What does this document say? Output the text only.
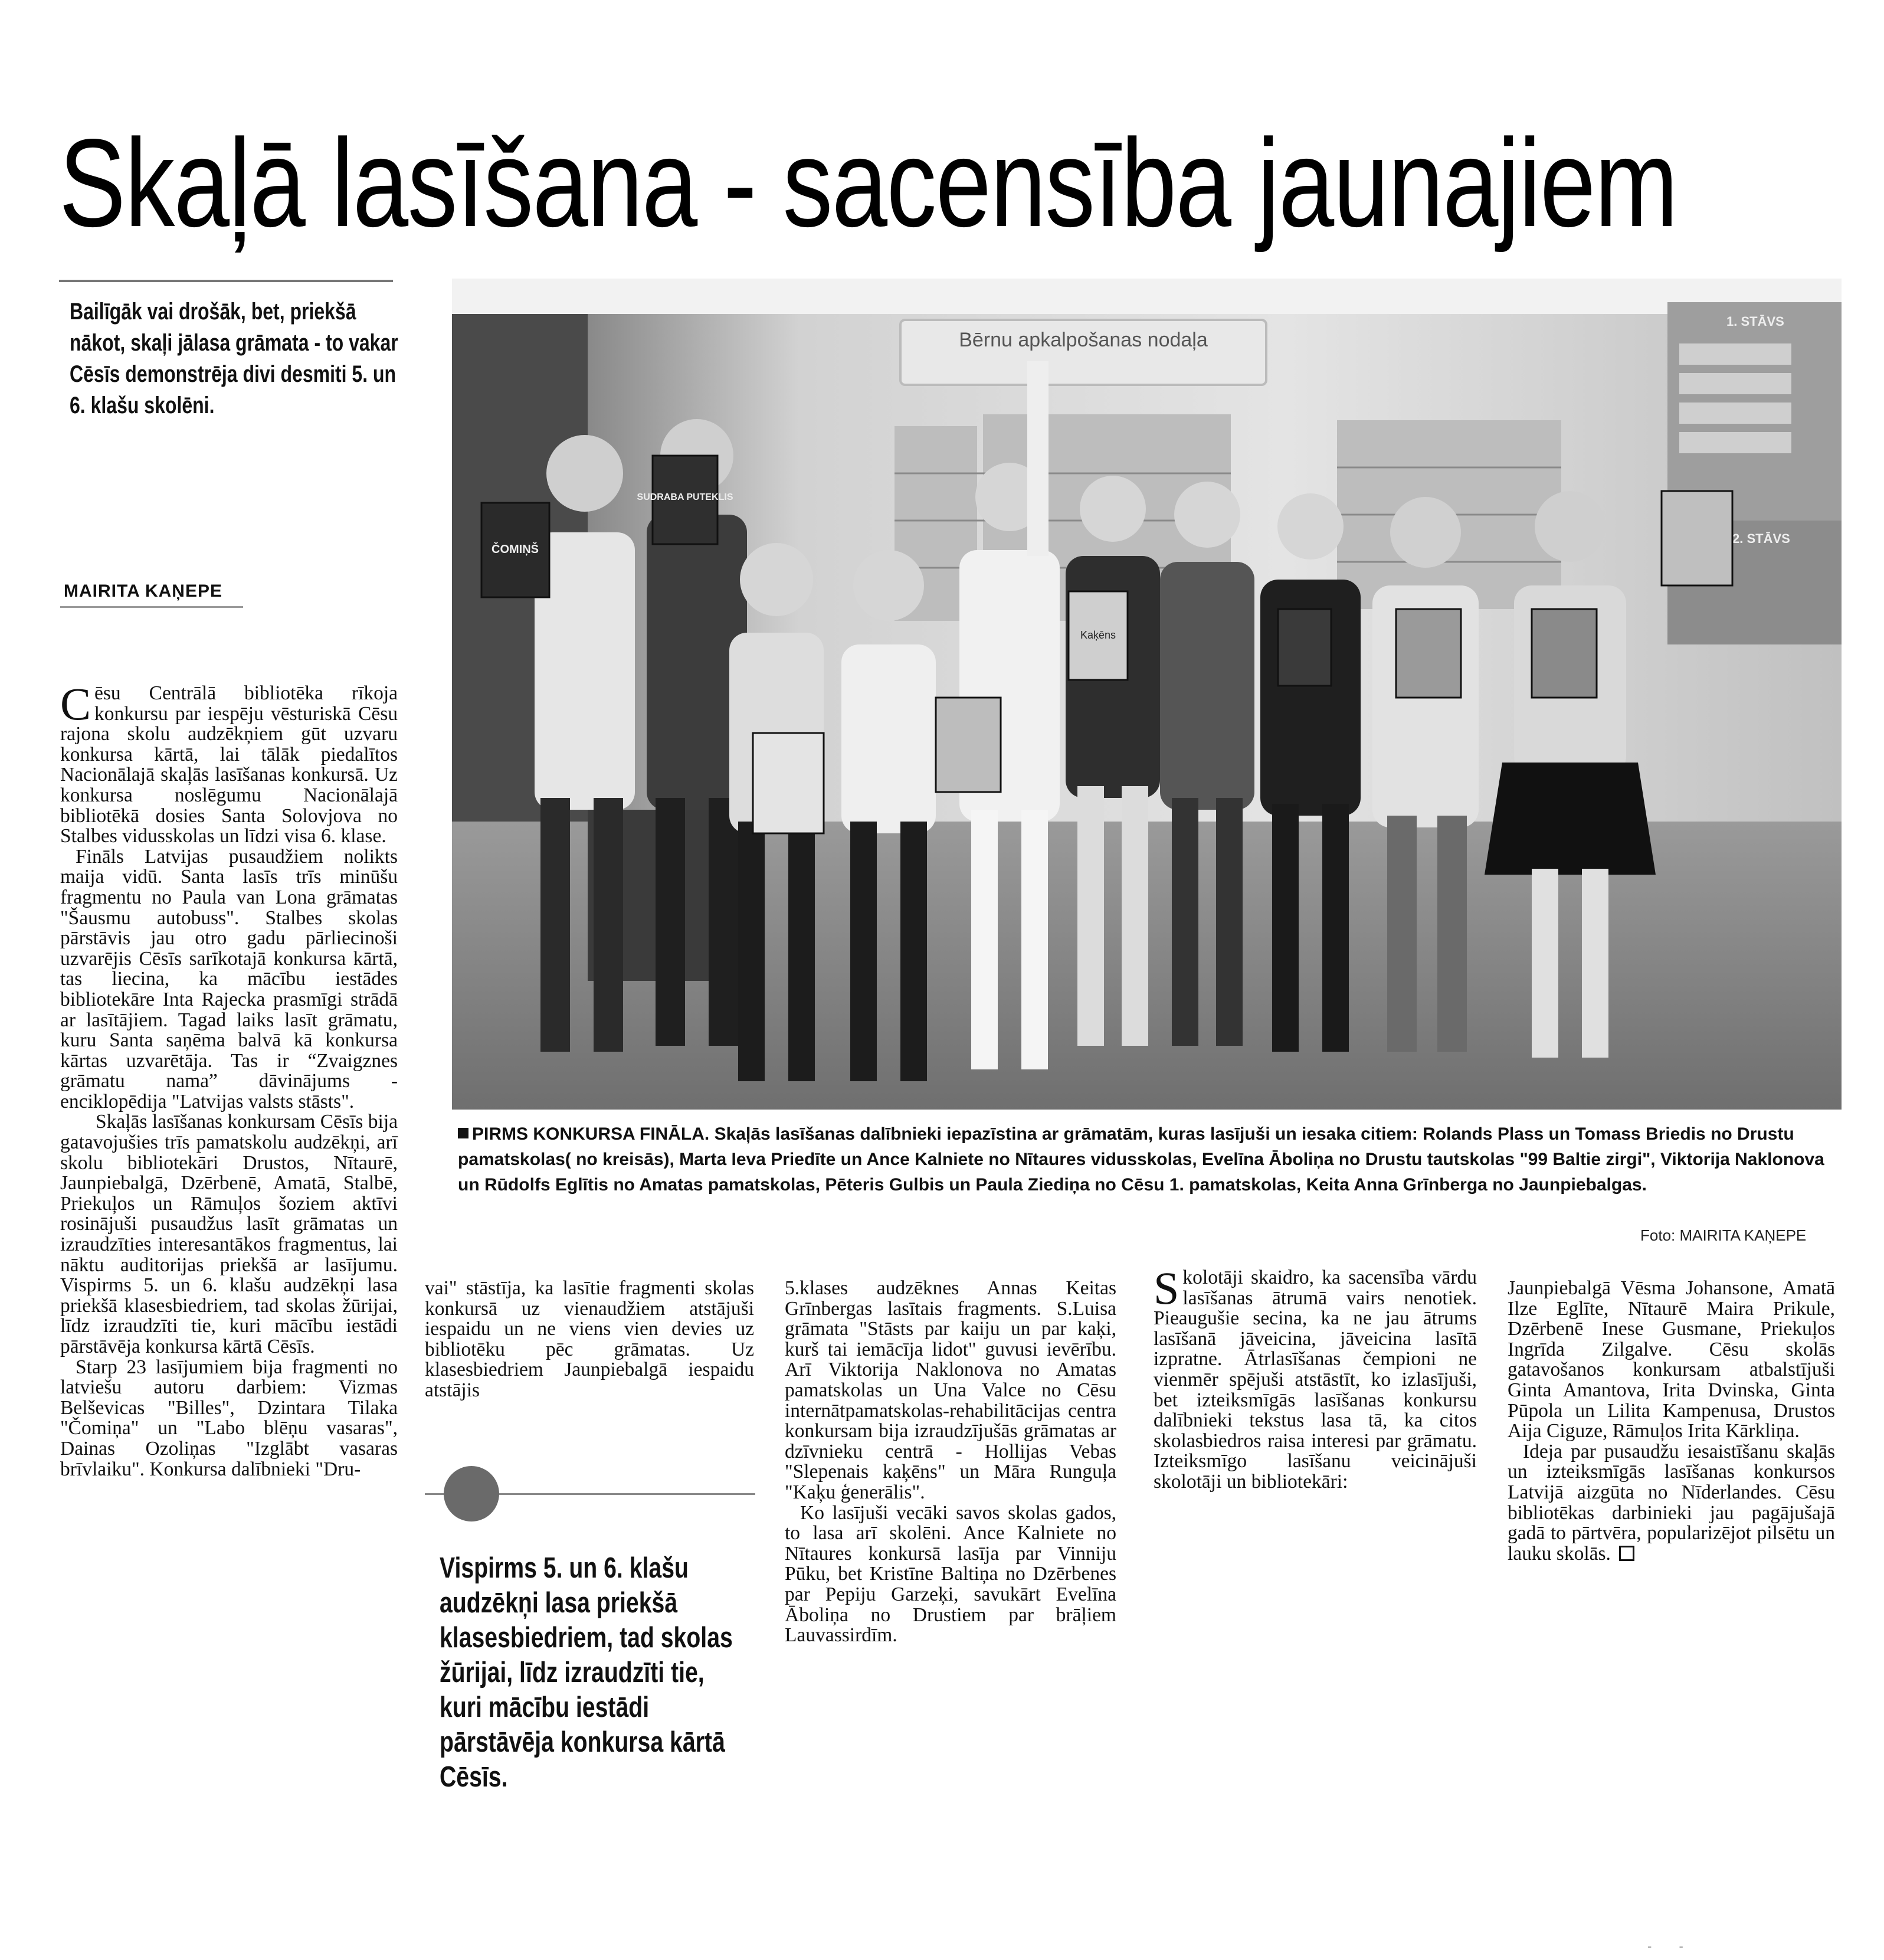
Skaļā lasīšana - sacensība jaunajiem
Bailīgāk vai drošāk, bet, priekšā nākot, skaļi jālasa grāmata - to vakar Cēsīs demonstrēja divi desmiti 5. un 6. klašu skolēni.
MAIRITA KAŅEPE

Cēsu Centrālā bibliotēka rīkoja konkursu par iespēju vēsturiskā Cēsu rajona skolu audzēkņiem gūt uzvaru konkursa kārtā, lai tālāk piedalītos Nacionālajā skaļās lasīšanas konkursā. Uz konkursa noslēgumu Nacionālajā bibliotēkā dosies Santa Solovjova no Stalbes vidusskolas un līdzi visa 6. klase.

Fināls Latvijas pusaudžiem nolikts maija vidū. Santa lasīs trīs minūšu fragmentu no Paula van Lona grāmatas "Šausmu autobuss". Stalbes skolas pārstāvis jau otro gadu pārliecinoši uzvarējis Cēsīs sarīkotajā konkursa kārtā, tas liecina, ka mācību iestādes bibliotekāre Inta Rajecka prasmīgi strādā ar lasītājiem. Tagad laiks lasīt grāmatu, kuru Santa saņēma balvā kā konkursa kārtas uzvarētāja. Tas ir “Zvaigznes grāmatu nama” dāvinājums - enciklopēdija "Latvijas valsts stāsts".

Skaļās lasīšanas konkursam Cēsīs bija gatavojušies trīs pamatskolu audzēkņi, arī skolu bibliotekāri Drustos, Nītaurē, Jaunpiebalgā, Dzērbenē, Amatā, Stalbē, Priekuļos un Rāmuļos šoziem aktīvi rosinājuši pusaudžus lasīt grāmatas un izraudzīties interesantākos fragmentus, lai nāktu auditorijas priekšā ar lasījumu. Vispirms 5. un 6. klašu audzēkņi lasa priekšā klasesbiedriem, tad skolas žūrijai, līdz izraudzīti tie, kuri mācību iestādi pārstāvēja konkursa kārtā Cēsīs.

Starp 23 lasījumiem bija fragmenti no latviešu autoru darbiem: Vizmas Belševicas "Billes", Dzintara Tilaka "Čomiņa" un "Labo blēņu vasaras", Dainas Ozoliņas "Izglābt vasaras brīvlaiku". Konkursa dalībnieki "Dru-

Bērnu apkalpošanas nodaļa
1. STĀVS
2. STĀVS
ČOMIŅŠ
SUDRABA PUTEKLIS
Kaķēns
PIRMS KONKURSA FINĀLA. Skaļās lasīšanas dalībnieki iepazīstina ar grāmatām, kuras lasījuši un iesaka citiem: Rolands Plass un Tomass Briedis no Drustu pamatskolas( no kreisās), Marta Ieva Priedīte un Ance Kalniete no Nītaures vidusskolas, Evelīna Āboliņa no Drustu tautskolas "99 Baltie zirgi", Viktorija Naklonova un Rūdolfs Eglītis no Amatas pamatskolas, Pēteris Gulbis un Paula Ziediņa no Cēsu 1. pamatskolas, Keita Anna Grīnberga no Jaunpiebalgas.
Foto: MAIRITA KAŅEPE

vai" stāstīja, ka lasītie fragmenti skolas konkursā uz vienaudžiem atstājuši iespaidu un ne viens vien devies uz bibliotēku pēc grāmatas. Uz klasesbiedriem Jaunpiebalgā iespaidu atstājis

Vispirms 5. un 6. klašu audzēkņi lasa priekšā klasesbiedriem, tad skolas žūrijai, līdz izraudzīti tie, kuri mācību iestādi pārstāvēja konkursa kārtā Cēsīs.

5.klases audzēknes Annas Keitas Grīnbergas lasītais fragments. S.Luisa grāmata "Stāsts par kaiju un par kaķi, kurš tai iemācīja lidot" guvusi ievērību. Arī Viktorija Naklonova no Amatas pamatskolas un Una Valce no Cēsu internātpamatskolas-rehabilitācijas centra konkursam bija izraudzījušās grāmatas ar dzīvnieku centrā - Hollijas Vebas "Slepenais kaķēns" un Māra Runguļa "Kaķu ģenerālis".

Ko lasījuši vecāki savos skolas gados, to lasa arī skolēni. Ance Kalniete no Nītaures konkursā lasīja par Vinniju Pūku, bet Kristīne Baltiņa no Dzērbenes par Pepiju Garzeķi, savukārt Evelīna Āboliņa no Drustiem par brāļiem Lauvassirdīm.

Skolotāji skaidro, ka sacensība vārdu lasīšanas ātrumā vairs nenotiek. Pieaugušie secina, ka ne jau ātrums lasīšanā jāveicina, jāveicina lasītā izpratne. Ātrlasīšanas čempioni ne vienmēr spējuši atstāstīt, ko izlasījuši, bet izteiksmīgās lasīšanas konkursu dalībnieki tekstus lasa tā, ka citos skolasbiedros raisa interesi par grāmatu. Izteiksmīgo lasīšanu veicinājuši skolotāji un bibliotekāri:

Jaunpiebalgā Vēsma Johansone, Amatā Ilze Eglīte, Nītaurē Maira Prikule, Dzērbenē Inese Gusmane, Priekuļos Ingrīda Zilgalve. Cēsu skolās gatavošanos konkursam atbalstījuši Ginta Amantova, Irita Dvinska, Ginta Pūpola un Lilita Kampenusa, Drustos Aija Ciguze, Rāmuļos Irita Kārkliņa.

Ideja par pusaudžu iesaistīšanu skaļās un izteiksmīgās lasīšanas konkursos Latvijā aizgūta no Nīderlandes. Cēsu bibliotēkas darbinieki jau pagājušajā gadā to pārtvēra, popularizējot pilsētu un lauku skolās.

- -
